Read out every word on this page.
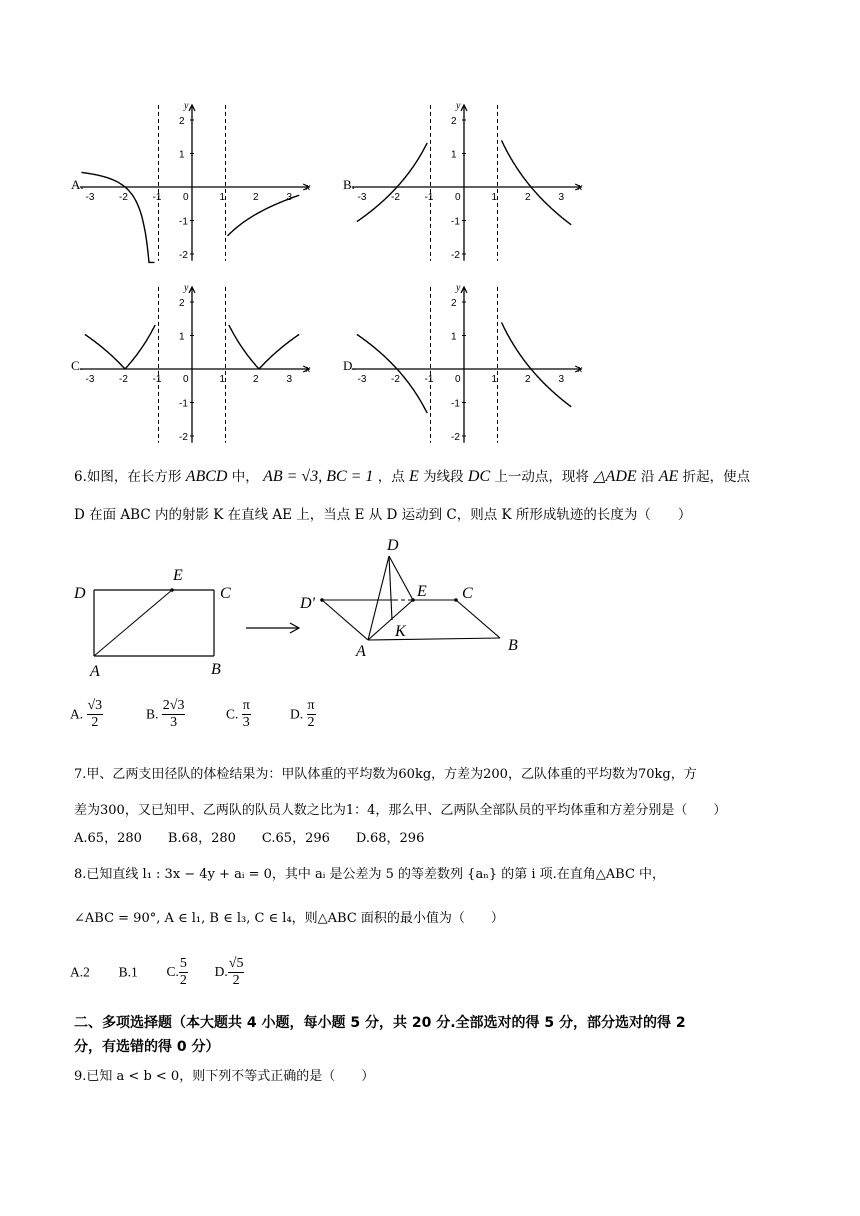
A.	B.
C.	D.
-3 -2 -1 0	1	2	3
2
1
-1
-2
x
y
-3 -2 -1 0	1	2	3
2
1
-1
-2
x
y
-3 -2 -1 0	1	2	3
2
1
-1
-2
x
y
-3 -2 -1 0	1	2	3
2
1
-1
-2
x
y
6.如图，在长方形 ABCD 中， AB = √3, BC = 1 ，点 E 为线段 DC 上一动点，现将 △ADE 沿 AE 折起，使点
D 在面 ABC 内的射影 K 在直线 AE 上，当点 E 从 D 运动到 C，则点 K 所形成轨迹的长度为（　　）
D
E
C
A	B
D
D'
E C
K
A	B
A. $\frac{√3}{2}$	B. $\frac{2√3}{3}$	C. $\frac{\pi}{3}$	D. $\frac{\pi}{2}$
7.甲、乙两支田径队的体检结果为：甲队体重的平均数为60kg，方差为200，乙队体重的平均数为70kg，方
差为300，又已知甲、乙两队的队员人数之比为1：4，那么甲、乙两队全部队员的平均体重和方差分别是（　　）
A.65，280　　B.68，280　　C.65，296　　D.68，296
8.已知直线 l₁ : 3x − 4y + aᵢ = 0，其中 aᵢ 是公差为 5 的等差数列 {aₙ} 的第 i 项.在直角△ABC 中，
∠ABC = 90°, A ∈ l₁, B ∈ l₃, C ∈ l₄，则△ABC 面积的最小值为（　　）
A.2 B.1 C. $\frac{5}{2} D$. $\frac{√5}{2}$
二、多项选择题（本大题共 4 小题，每小题 5 分，共 20 分.全部选对的得 5 分，部分选对的得 2
分，有选错的得 0 分）
9.已知 a < b < 0，则下列不等式正确的是（　　）
